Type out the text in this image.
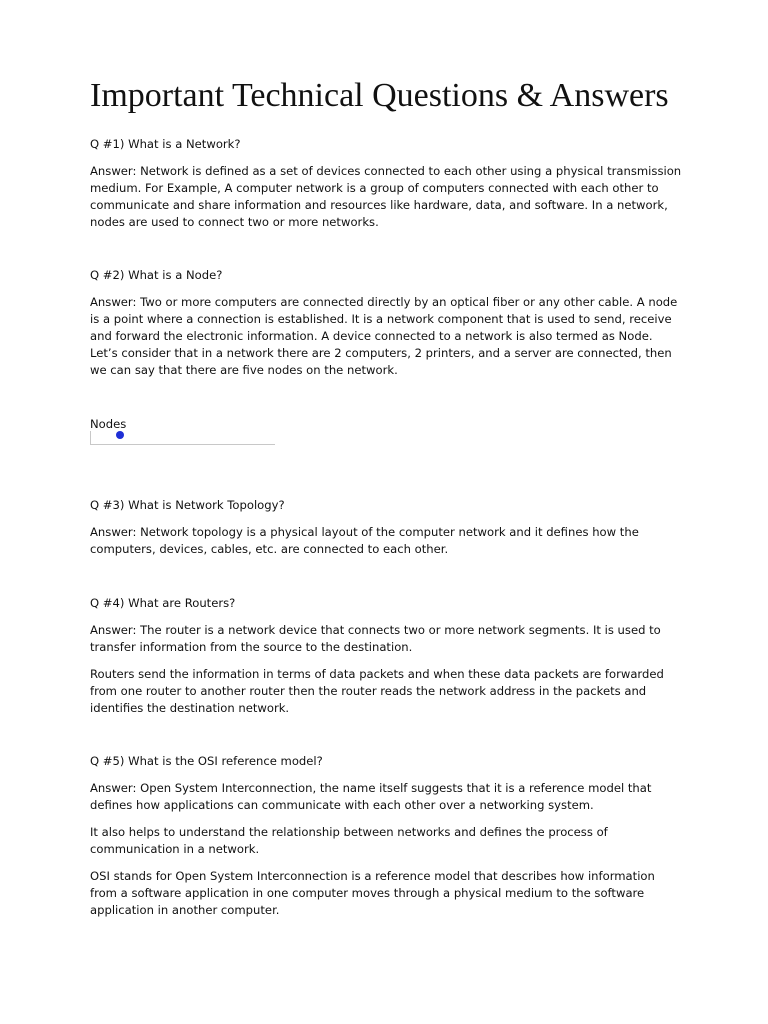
Important Technical Questions & Answers

Q #1) What is a Network?

Answer: Network is defined as a set of devices connected to each other using a physical transmission medium. For Example, A computer network is a group of computers connected with each other to communicate and share information and resources like hardware, data, and software. In a network, nodes are used to connect two or more networks.

Q #2) What is a Node?

Answer: Two or more computers are connected directly by an optical fiber or any other cable. A node is a point where a connection is established. It is a network component that is used to send, receive and forward the electronic information. A device connected to a network is also termed as Node. Let’s consider that in a network there are 2 computers, 2 printers, and a server are connected, then we can say that there are five nodes on the network.

Nodes

Q #3) What is Network Topology?

Answer: Network topology is a physical layout of the computer network and it defines how the computers, devices, cables, etc. are connected to each other.

Q #4) What are Routers?

Answer: The router is a network device that connects two or more network segments. It is used to transfer information from the source to the destination.

Routers send the information in terms of data packets and when these data packets are forwarded from one router to another router then the router reads the network address in the packets and identifies the destination network.

Q #5) What is the OSI reference model?

Answer: Open System Interconnection, the name itself suggests that it is a reference model that defines how applications can communicate with each other over a networking system.

It also helps to understand the relationship between networks and defines the process of communication in a network.

OSI stands for Open System Interconnection is a reference model that describes how information from a software application in one computer moves through a physical medium to the software application in another computer.
